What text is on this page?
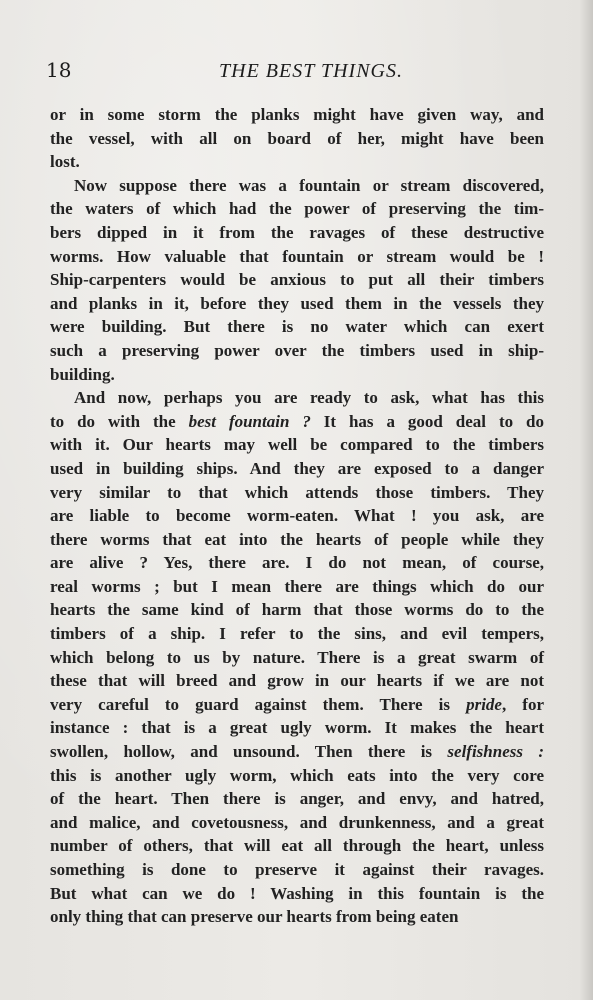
18	THE BEST THINGS.
or in some storm the planks might have given way, and
the vessel, with all on board of her, might have been
lost.
Now suppose there was a fountain or stream discovered,
the waters of which had the power of preserving the tim-
bers dipped in it from the ravages of these destructive
worms. How valuable that fountain or stream would be !
Ship-carpenters would be anxious to put all their timbers
and planks in it, before they used them in the vessels they
were building. But there is no water which can exert
such a preserving power over the timbers used in ship-
building.
And now, perhaps you are ready to ask, what has this
to do with the best fountain ? It has a good deal to do
with it. Our hearts may well be compared to the timbers
used in building ships. And they are exposed to a danger
very similar to that which attends those timbers. They
are liable to become worm-eaten. What ! you ask, are
there worms that eat into the hearts of people while they
are alive ? Yes, there are. I do not mean, of course,
real worms ; but I mean there are things which do our
hearts the same kind of harm that those worms do to the
timbers of a ship. I refer to the sins, and evil tempers,
which belong to us by nature. There is a great swarm of
these that will breed and grow in our hearts if we are not
very careful to guard against them. There is pride, for
instance : that is a great ugly worm. It makes the heart
swollen, hollow, and unsound. Then there is selfishness :
this is another ugly worm, which eats into the very core
of the heart. Then there is anger, and envy, and hatred,
and malice, and covetousness, and drunkenness, and a great
number of others, that will eat all through the heart, unless
something is done to preserve it against their ravages.
But what can we do ! Washing in this fountain is the
only thing that can preserve our hearts from being eaten
